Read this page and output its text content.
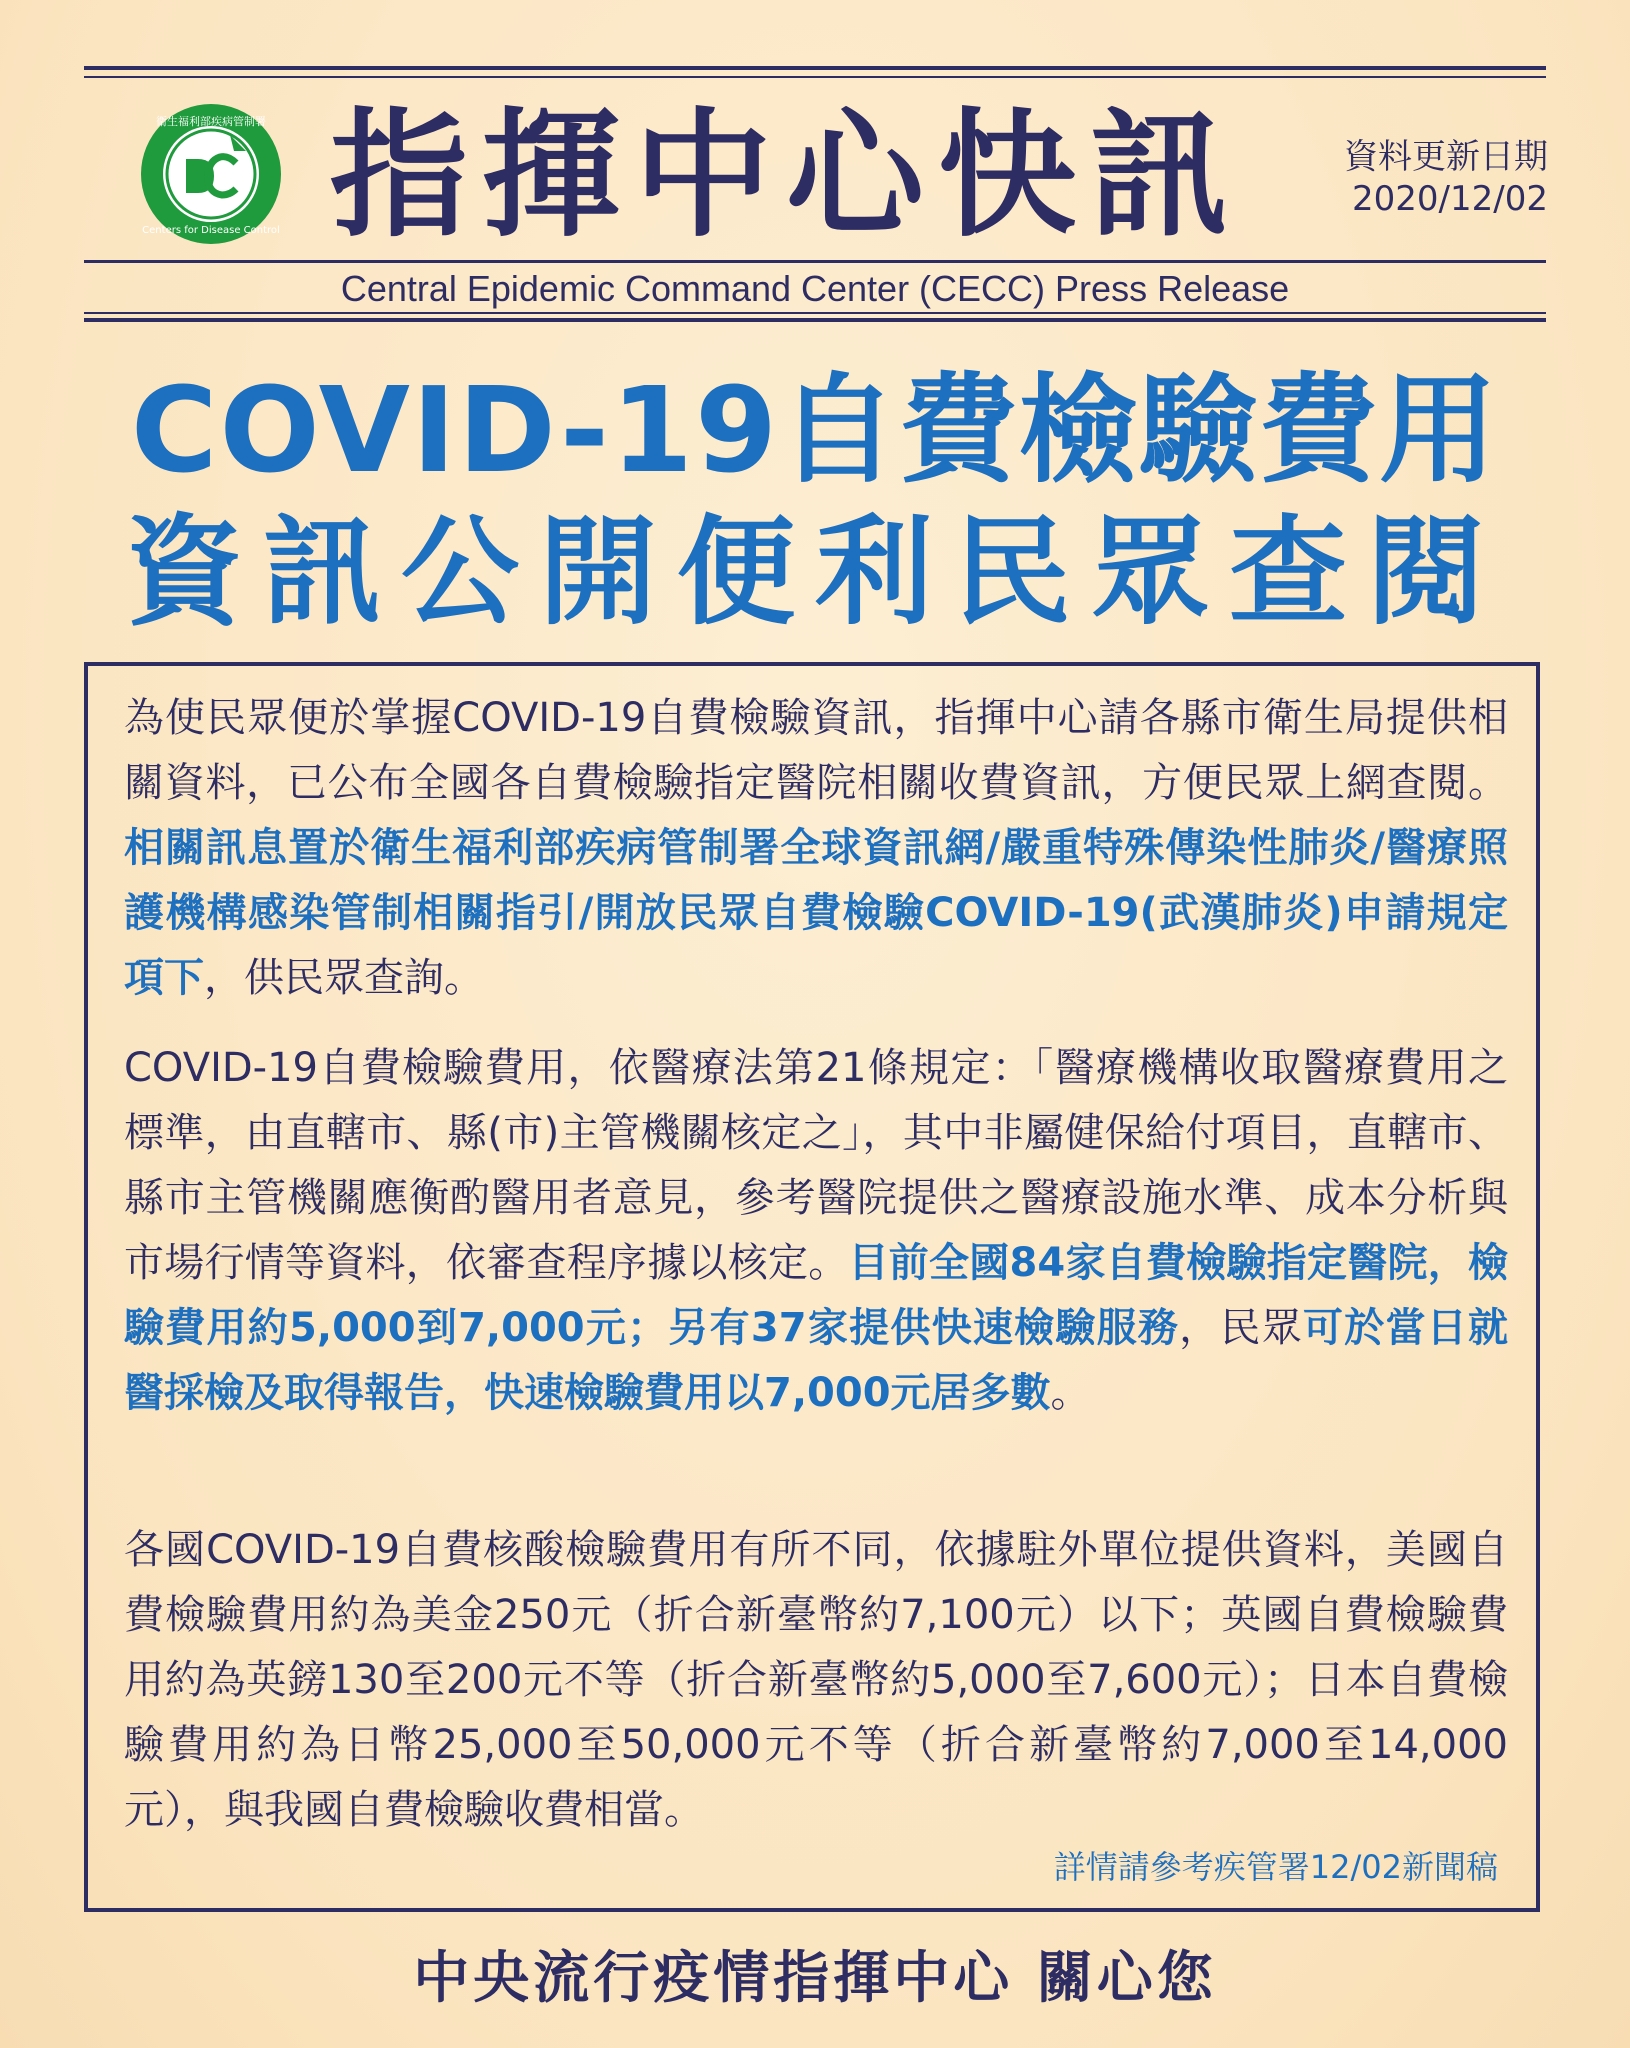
衛生福利部疾病管制署
Centers for Disease Control 指揮中心快訊	資料更新日期
2020/12/02
Central Epidemic Command Center (CECC) Press Release
COVID-19自費檢驗費用
資訊公開便利民眾查閱
為使民眾便於掌握COVID-19自費檢驗資訊，指揮中心請各縣市衛生局提供相關資料，已公布全國各自費檢驗指定醫院相關收費資訊，方便民眾上網查閱。相關訊息置於衛生福利部疾病管制署全球資訊網/嚴重特殊傳染性肺炎/醫療照護機構感染管制相關指引/開放民眾自費檢驗COVID-19(武漢肺炎)申請規定項下，供民眾查詢。
COVID-19自費檢驗費用，依醫療法第21條規定：「醫療機構收取醫療費用之標準，由直轄市、縣(市)主管機關核定之」，其中非屬健保給付項目，直轄市、縣市主管機關應衡酌醫用者意見，參考醫院提供之醫療設施水準、成本分析與市場行情等資料，依審查程序據以核定。目前全國84家自費檢驗指定醫院，檢驗費用約5,000到7,000元；另有37家提供快速檢驗服務，民眾可於當日就醫採檢及取得報告，快速檢驗費用以7,000元居多數。
各國COVID-19自費核酸檢驗費用有所不同，依據駐外單位提供資料，美國自費檢驗費用約為美金250元（折合新臺幣約7,100元）以下；英國自費檢驗費用約為英鎊130至200元不等（折合新臺幣約5,000至7,600元）；日本自費檢驗費用約為日幣25,000至50,000元不等（折合新臺幣約7,000至14,000元），與我國自費檢驗收費相當。
詳情請參考疾管署12/02新聞稿
中央流行疫情指揮中心 關心您
